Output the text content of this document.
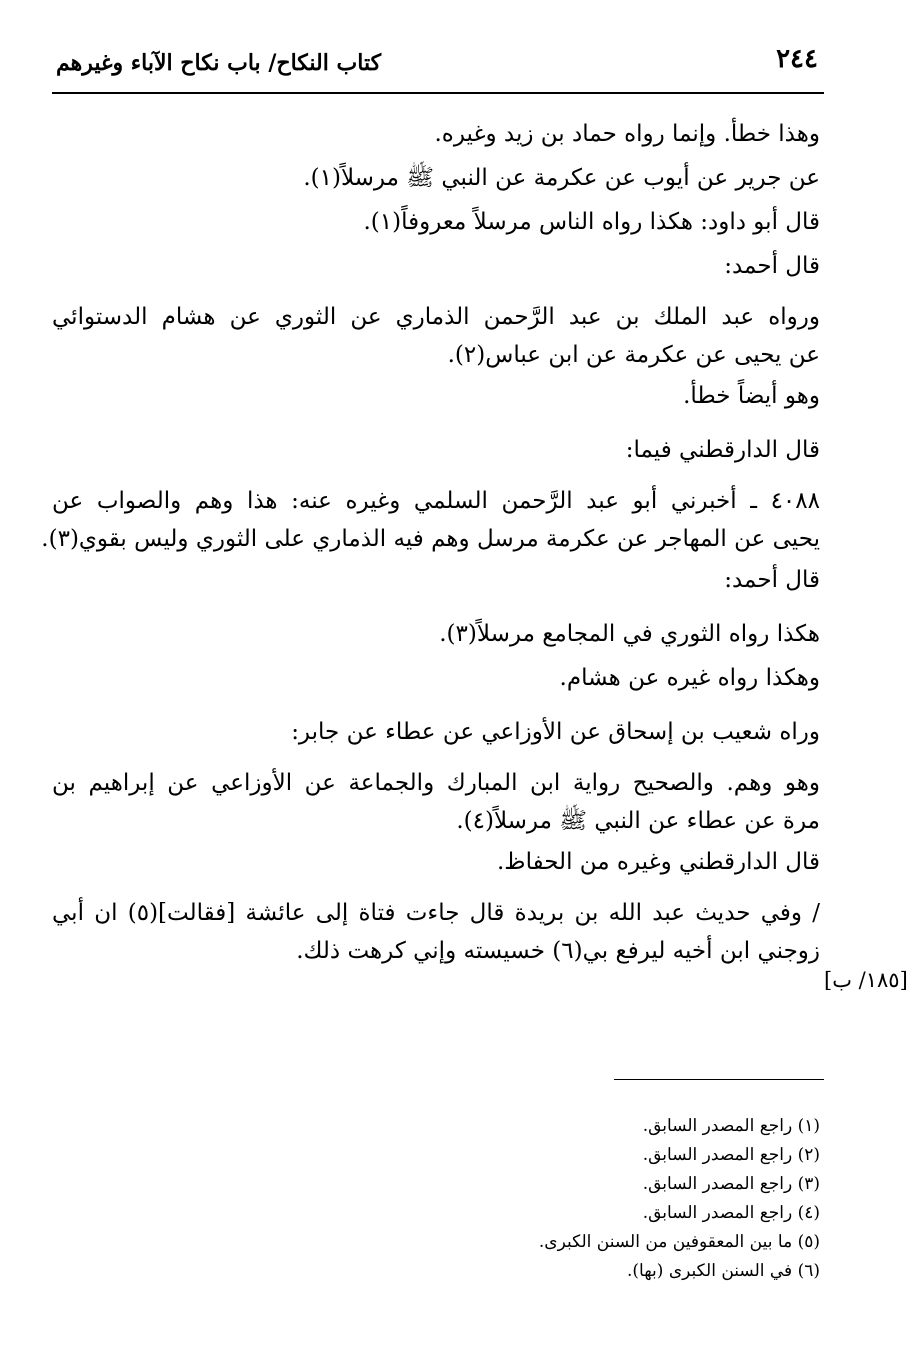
٢٤٤
كتاب النكاح/ باب نكاح الآباء وغيرهم
وهذا خطأ. وإنما رواه حماد بن زيد وغيره.
عن جرير عن أيوب عن عكرمة عن النبي ﷺ مرسلاً(١).
قال أبو داود: هكذا رواه الناس مرسلاً معروفاً(١).
قال أحمد:
ورواه عبد الملك بن عبد الرَّحمن الذماري عن الثوري عن هشام الدستوائي
عن يحيى عن عكرمة عن ابن عباس(٢).
وهو أيضاً خطأ.
قال الدارقطني فيما:
٤٠٨٨ ـ أخبرني أبو عبد الرَّحمن السلمي وغيره عنه: هذا وهم والصواب عن
يحيى عن المهاجر عن عكرمة مرسل وهم فيه الذماري على الثوري وليس بقوي(٣).
قال أحمد:
هكذا رواه الثوري في المجامع مرسلاً(٣).
وهكذا رواه غيره عن هشام.
وراه شعيب بن إسحاق عن الأوزاعي عن عطاء عن جابر:
وهو وهم. والصحيح رواية ابن المبارك والجماعة عن الأوزاعي عن إبراهيم بن
مرة عن عطاء عن النبي ﷺ مرسلاً(٤).
قال الدارقطني وغيره من الحفاظ.
/ وفي حديث عبد الله بن بريدة قال جاءت فتاة إلى عائشة [فقالت](٥) ان أبي
زوجني ابن أخيه ليرفع بي(٦) خسيسته وإني كرهت ذلك.
[١٨٥/ ب]
(١) راجع المصدر السابق.
(٢) راجع المصدر السابق.
(٣) راجع المصدر السابق.
(٤) راجع المصدر السابق.
(٥) ما بين المعقوفين من السنن الكبرى.
(٦) في السنن الكبرى (بها).
